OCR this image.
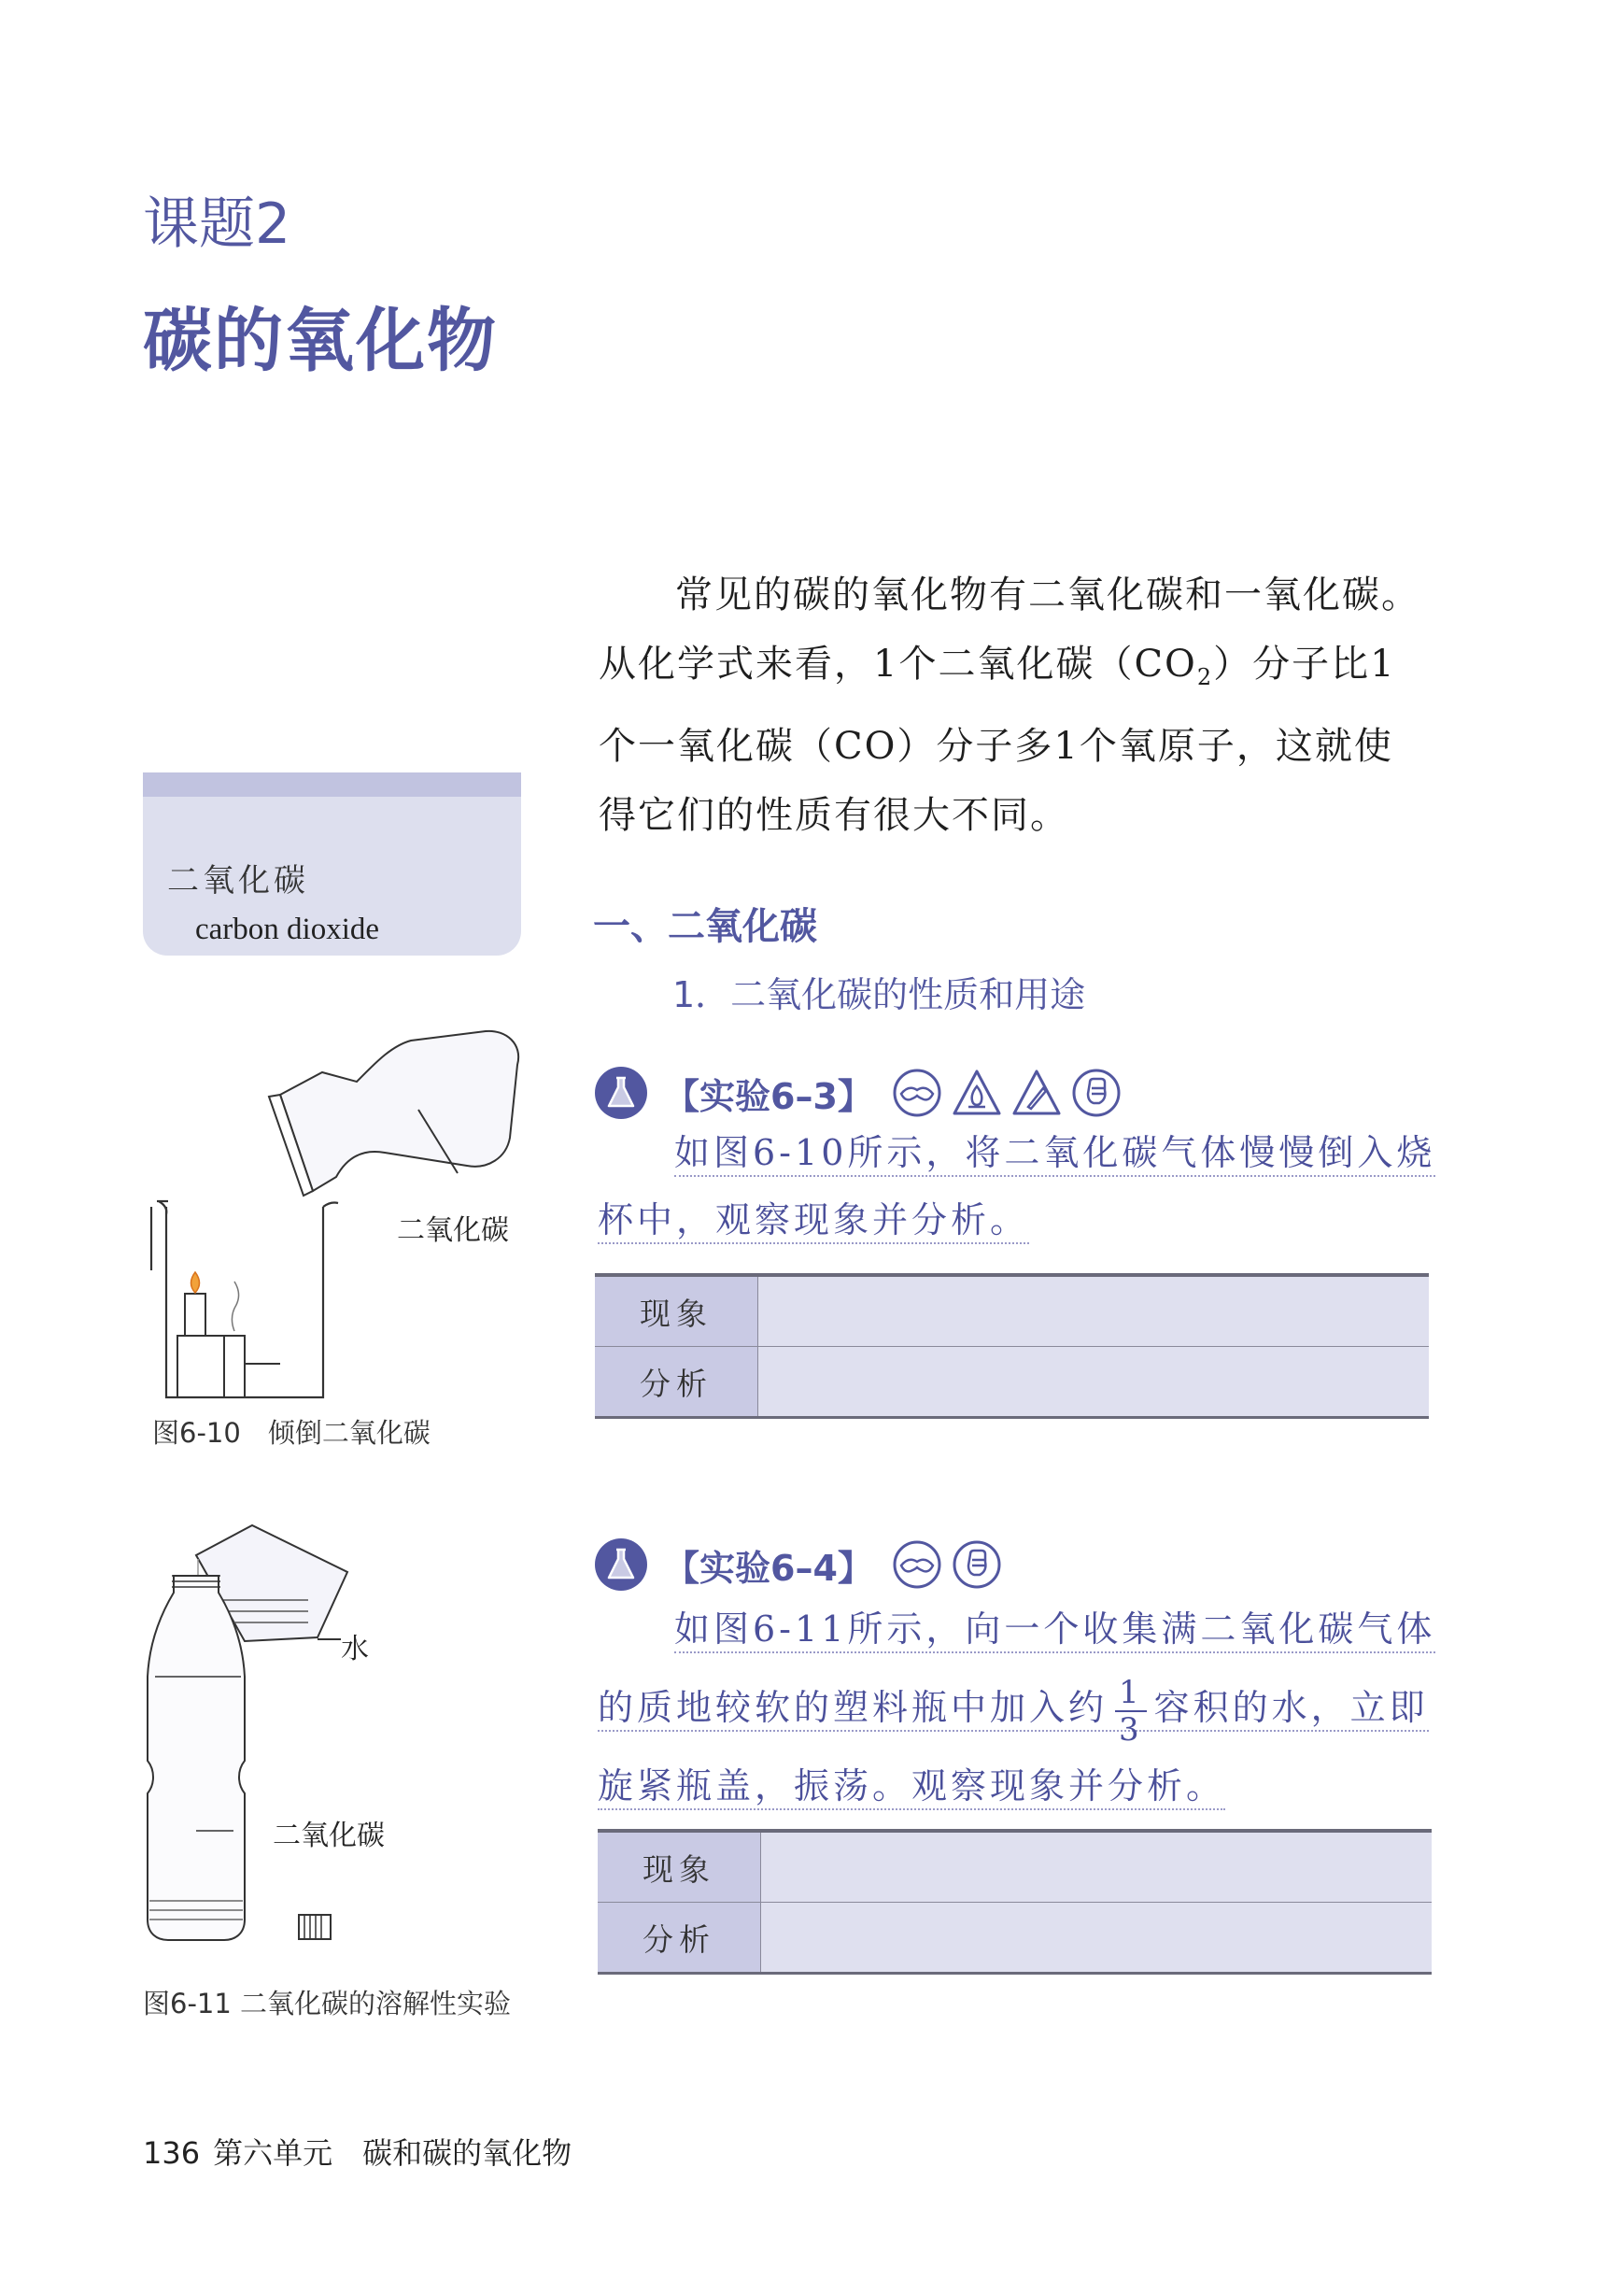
课题2
碳的氧化物

常见的碳的氧化物有二氧化碳和一氧化碳。从化学式来看，1个二氧化碳$(CO_2)$分子比1个一氧化碳（CO）分子多1个氧原子，这就使得它们的性质有很大不同。

二氧化碳
carbon dioxide	一、二氧化碳
1．二氧化碳的性质和用途
【实验6–3】

如图6-10所示，将二氧化碳气体慢慢倒入烧

杯中，观察现象并分析。

现象	
分析	
【实验6–4】

如图6-11所示，向一个收集满二氧化碳气体

的质地较软的塑料瓶中加入约 $\frac{1}{3}$ 容积的水，立即

旋紧瓶盖，振荡。观察现象并分析。

现象	
分析	
二氧化碳
图6-10　倾倒二氧化碳
水
二氧化碳
图6-11 二氧化碳的溶解性实验
136 第六单元　碳和碳的氧化物
